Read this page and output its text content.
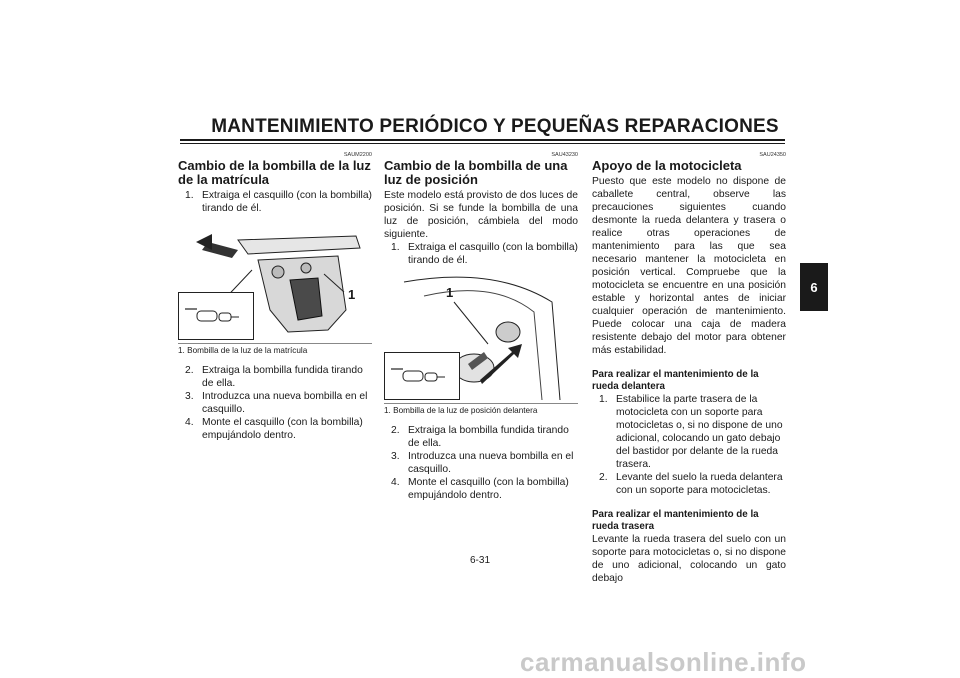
MANTENIMIENTO PERIÓDICO Y PEQUEÑAS REPARACIONES
SAUM2200
Cambio de la bombilla de la luz de la matrícula
1. Extraiga el casquillo (con la bombilla) tirando de él.
1
1. Bombilla de la luz de la matrícula
2. Extraiga la bombilla fundida tirando de ella.
3. Introduzca una nueva bombilla en el casquillo.
4. Monte el casquillo (con la bombilla) empujándolo dentro.
SAU43230
Cambio de la bombilla de una luz de posición
Este modelo está provisto de dos luces de posición. Si se funde la bombilla de una luz de posición, cámbiela del modo siguiente.
1. Extraiga el casquillo (con la bombilla) tirando de él.
1
1. Bombilla de la luz de posición delantera
2. Extraiga la bombilla fundida tirando de ella.
3. Introduzca una nueva bombilla en el casquillo.
4. Monte el casquillo (con la bombilla) empujándolo dentro.
SAU24350
Apoyo de la motocicleta
Puesto que este modelo no dispone de caballete central, observe las precauciones siguientes cuando desmonte la rueda delantera y trasera o realice otras operaciones de mantenimiento para las que sea necesario mantener la motocicleta en posición vertical. Compruebe que la motocicleta se encuentre en una posición estable y horizontal antes de iniciar cualquier operación de mantenimiento. Puede colocar una caja de madera resistente debajo del motor para obtener más estabilidad.
Para realizar el mantenimiento de la rueda delantera
1. Estabilice la parte trasera de la motocicleta con un soporte para motocicletas o, si no dispone de uno adicional, colocando un gato debajo del bastidor por delante de la rueda trasera.
2. Levante del suelo la rueda delantera con un soporte para motocicletas.
Para realizar el mantenimiento de la rueda trasera
Levante la rueda trasera del suelo con un soporte para motocicletas o, si no dispone de uno adicional, colocando un gato debajo
6-31
6
carmanualsonline.info
